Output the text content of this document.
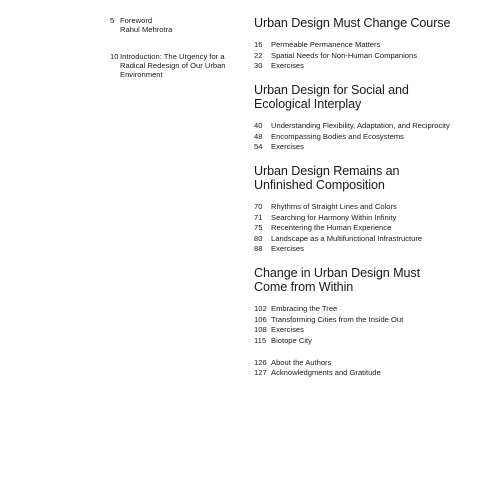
5 Foreword
Rahul Mehrotra
10 Introduction: The Urgency for a Radical Redesign of Our Urban Environment
Urban Design Must Change Course
16	Permeable Permanence Matters
22	Spatial Needs for Non-Human Companions
30	Exercises
Urban Design for Social and Ecological Interplay
40	Understanding Flexibility, Adaptation, and Reciprocity
48	Encompassing Bodies and Ecosystems
54	Exercises
Urban Design Remains an Unfinished Composition
70	Rhythms of Straight Lines and Colors
71	Searching for Harmony Within Infinity
75	Recentering the Human Experience
80	Landscape as a Multifunctional Infrastructure
88	Exercises
Change in Urban Design Must Come from Within
102 Embracing the Tree
106 Transforming Cities from the Inside Out
108 Exercises
115 Biotope City
126 About the Authors
127 Acknowledgments and Gratitude
